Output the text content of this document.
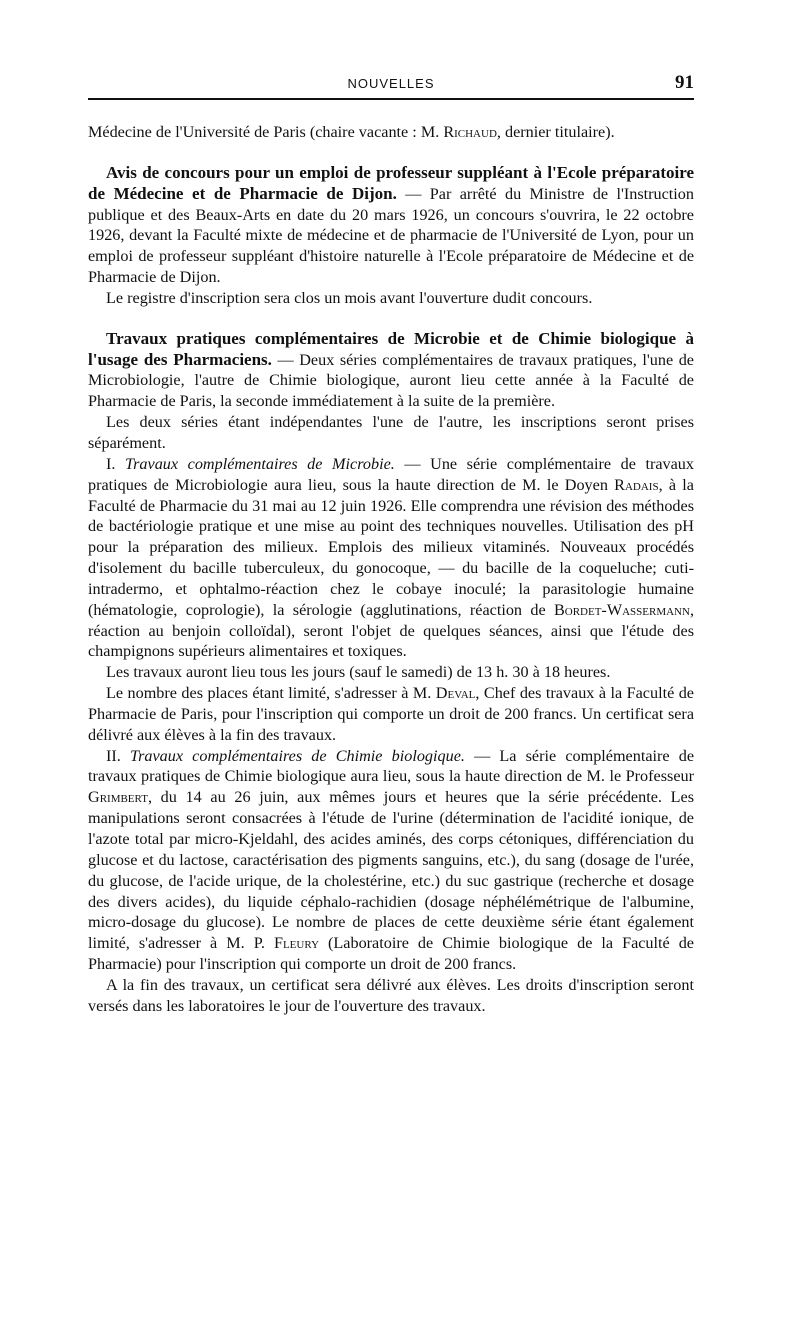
NOUVELLES	91

Médecine de l'Université de Paris (chaire vacante : M. Richaud, dernier titulaire).

Avis de concours pour un emploi de professeur suppléant à l'Ecole préparatoire de Médecine et de Pharmacie de Dijon. — Par arrêté du Ministre de l'Instruction publique et des Beaux-Arts en date du 20 mars 1926, un concours s'ouvrira, le 22 octobre 1926, devant la Faculté mixte de médecine et de pharmacie de l'Université de Lyon, pour un emploi de professeur suppléant d'histoire naturelle à l'Ecole préparatoire de Médecine et de Pharmacie de Dijon.

Le registre d'inscription sera clos un mois avant l'ouverture dudit concours.

Travaux pratiques complémentaires de Microbie et de Chimie biologique à l'usage des Pharmaciens. — Deux séries complémentaires de travaux pratiques, l'une de Microbiologie, l'autre de Chimie biologique, auront lieu cette année à la Faculté de Pharmacie de Paris, la seconde immédiatement à la suite de la première.

Les deux séries étant indépendantes l'une de l'autre, les inscriptions seront prises séparément.

I. Travaux complémentaires de Microbie. — Une série complémentaire de travaux pratiques de Microbiologie aura lieu, sous la haute direction de M. le Doyen Radais, à la Faculté de Pharmacie du 31 mai au 12 juin 1926. Elle comprendra une révision des méthodes de bactériologie pratique et une mise au point des techniques nouvelles. Utilisation des pH pour la préparation des milieux. Emplois des milieux vitaminés. Nouveaux procédés d'isolement du bacille tuberculeux, du gonocoque, — du bacille de la coqueluche; cuti-intradermo, et ophtalmo-réaction chez le cobaye inoculé; la parasitologie humaine (hématologie, coprologie), la sérologie (agglutinations, réaction de Bordet-Wassermann, réaction au benjoin colloïdal), seront l'objet de quelques séances, ainsi que l'étude des champignons supérieurs alimentaires et toxiques.

Les travaux auront lieu tous les jours (sauf le samedi) de 13 h. 30 à 18 heures.

Le nombre des places étant limité, s'adresser à M. Deval, Chef des travaux à la Faculté de Pharmacie de Paris, pour l'inscription qui comporte un droit de 200 francs. Un certificat sera délivré aux élèves à la fin des travaux.

II. Travaux complémentaires de Chimie biologique. — La série complémentaire de travaux pratiques de Chimie biologique aura lieu, sous la haute direction de M. le Professeur Grimbert, du 14 au 26 juin, aux mêmes jours et heures que la série précédente. Les manipulations seront consacrées à l'étude de l'urine (détermination de l'acidité ionique, de l'azote total par micro-Kjeldahl, des acides aminés, des corps cétoniques, différenciation du glucose et du lactose, caractérisation des pigments sanguins, etc.), du sang (dosage de l'urée, du glucose, de l'acide urique, de la cholestérine, etc.) du suc gastrique (recherche et dosage des divers acides), du liquide céphalo-rachidien (dosage néphélémétrique de l'albumine, micro-dosage du glucose). Le nombre de places de cette deuxième série étant également limité, s'adresser à M. P. Fleury (Laboratoire de Chimie biologique de la Faculté de Pharmacie) pour l'inscription qui comporte un droit de 200 francs.

A la fin des travaux, un certificat sera délivré aux élèves. Les droits d'inscription seront versés dans les laboratoires le jour de l'ouverture des travaux.
